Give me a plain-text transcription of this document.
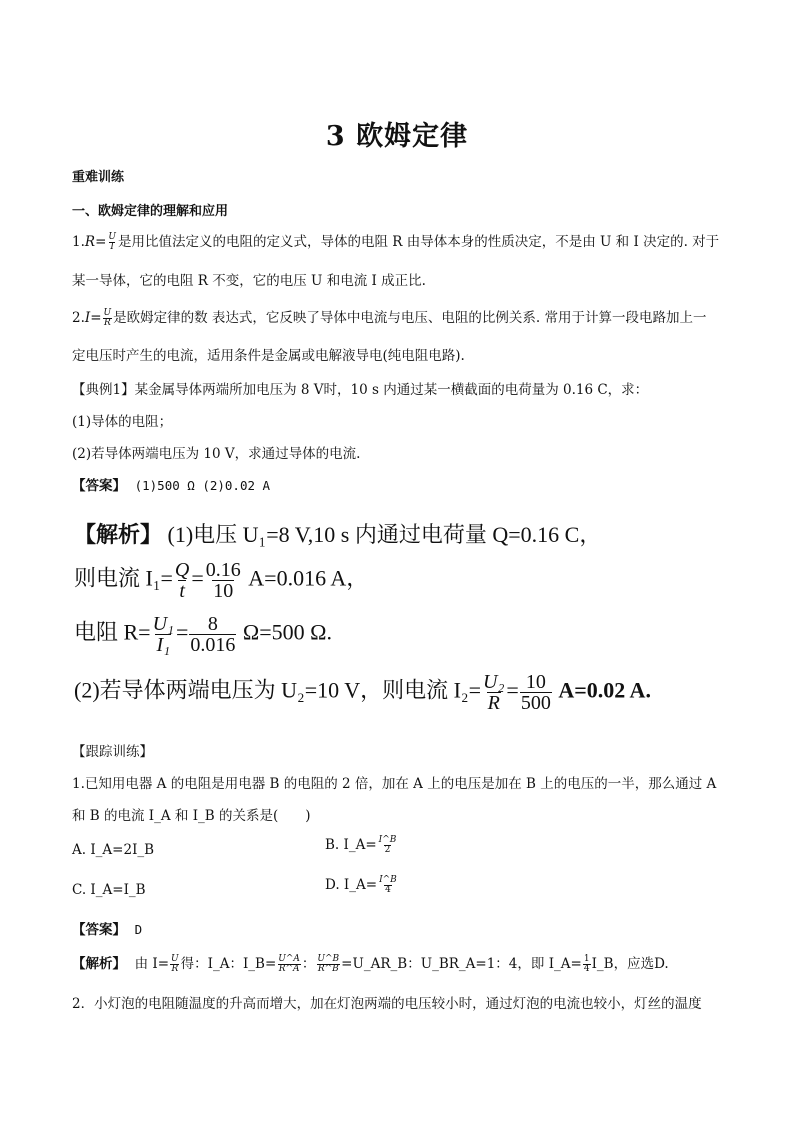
3 欧姆定律
重难训练
一、欧姆定律的理解和应用
$1.R= \frac{U}{I}$ 是用比值法定义的电阻的定义式，导体的电阻 R 由导体本身的性质决定，不是由 U 和 I 决定的. 对于
某一导体，它的电阻 R 不变，它的电压 U 和电流 I 成正比.
$2.I= \frac{U}{R}$ 是欧姆定律的数 表达式，它反映了导体中电流与电压、电阻的比例关系. 常用于计算一段电路加上一
定电压时产生的电流，适用条件是金属或电解液导电(纯电阻电路).
【典例1】某金属导体两端所加电压为 8 V时，10 s 内通过某一横截面的电荷量为 0.16 C，求：
(1)导体的电阻；
(2)若导体两端电压为 10 V，求通过导体的电流.
【答案】 (1)500 Ω (2)0.02 A
【解析】 (1)电压 U₁=8 V,10 s 内通过电荷量 Q=0.16 C，
则电流 $I_1= \frac{Q}{t} = \frac{0.16}{10} A=0.016$ A，
电阻 $R= \frac{\text{U₁}}{\text{I₁}} = \frac{8}{0.016} \Omega=500$ Ω.
(2)若导体两端电压为 U₂=10 V，则电流 $I_2= \frac{\text{U₂}}{R} = \frac{10}{500} A=0.02$ A.
【跟踪训练】
1.已知用电器 A 的电阻是用电器 B 的电阻的 2 倍，加在 A 上的电压是加在 B 上的电压的一半，那么通过 A
和 B 的电流 I_A 和 I_B 的关系是(　　)
A. I_A=2I_B	B. I_A= $\frac{I\^{}B}{2}$
C. I_A=I_B	D. I_A= $\frac{I\^{}B}{4}$
【答案】 D
【解析】 由 $I= \frac{U}{R}$ 得：I_A：I_B= $\frac{U\^{}A}{R\^{}A}$ ： $\frac{U\^{}B}{R\^{}B}$ =U_AR_B：U_BR_A=1：4，即 I_A= $\frac{1}{4}$ I_B，应选D.
2．小灯泡的电阻随温度的升高而增大，加在灯泡两端的电压较小时，通过灯泡的电流也较小，灯丝的温度
